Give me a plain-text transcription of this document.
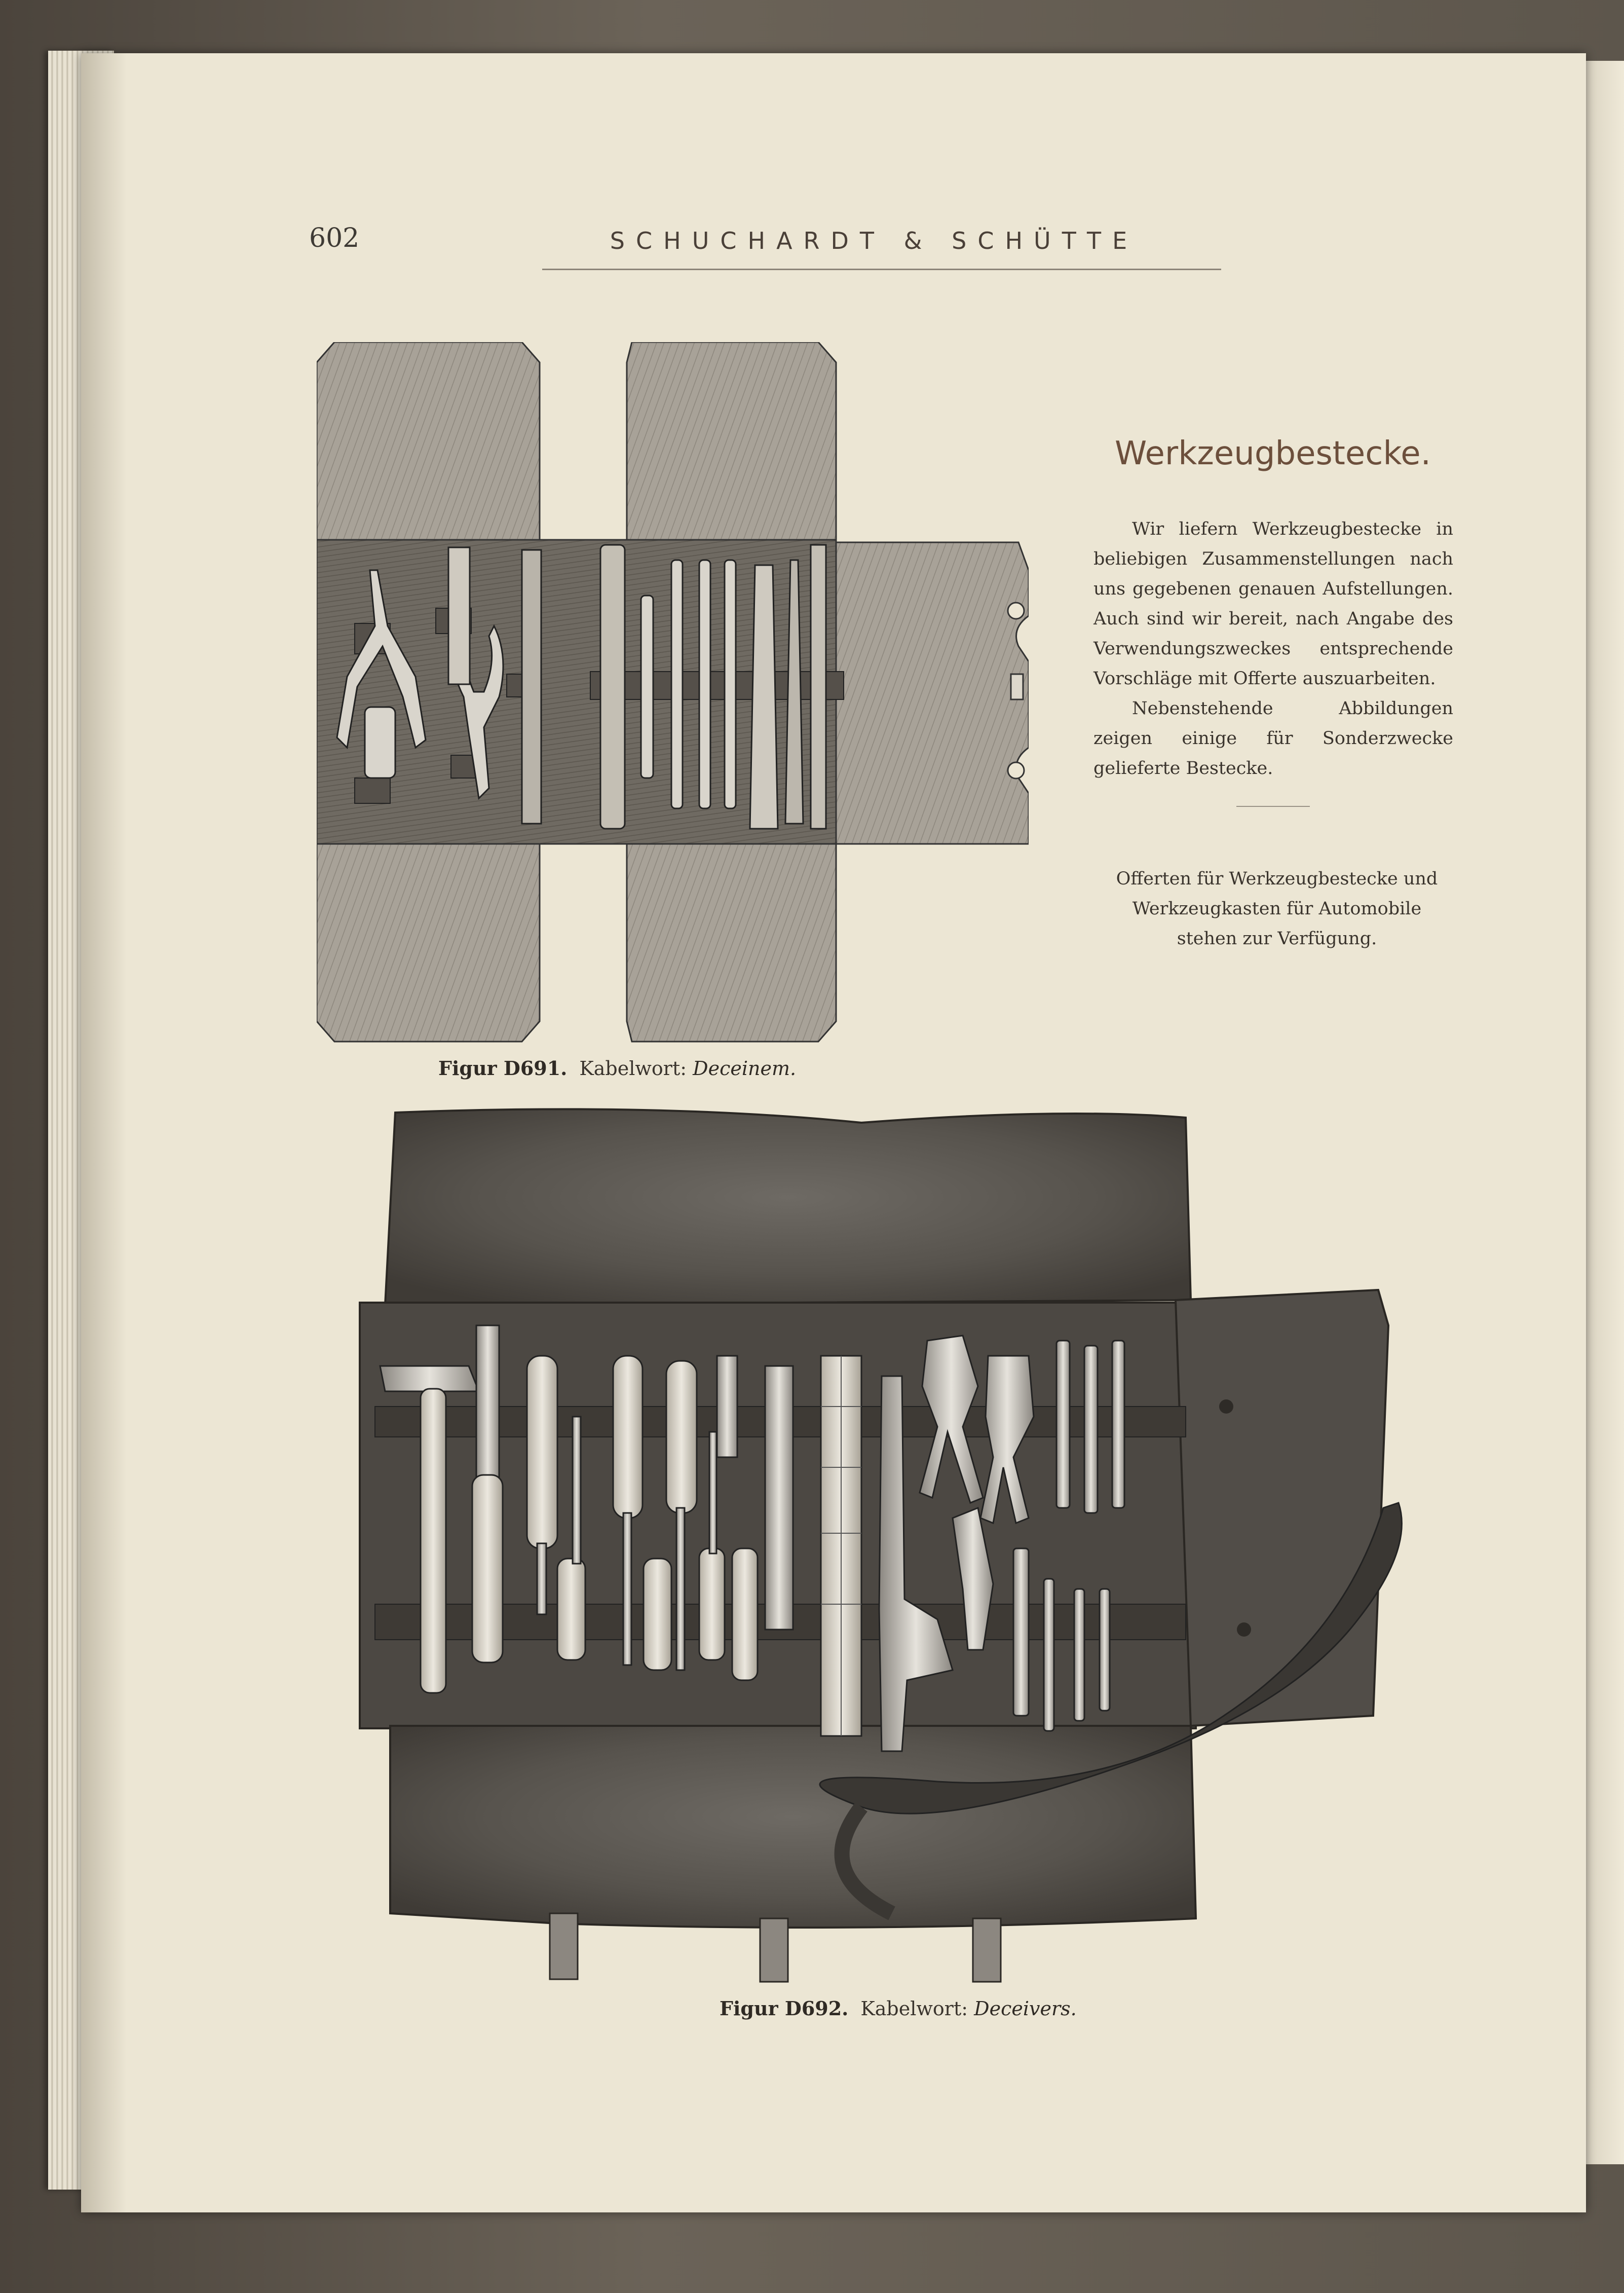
602	SCHUCHARDT & SCHÜTTE
Figur D691. Kabelwort: Deceinem.
Figur D692. Kabelwort: Deceivers.
Werkzeugbestecke.

Wir liefern Werkzeugbestecke in beliebigen Zusammenstellungen nach uns gegebenen genauen Aufstellungen. Auch sind wir bereit, nach Angabe des Verwendungszweckes entsprechende Vorschläge mit Offerte auszuarbeiten.

Nebenstehende Abbildungen zeigen einige für Sonderzwecke gelieferte Bestecke.

Offerten für Werkzeugbestecke und
Werkzeugkasten für Automobile
stehen zur Verfügung.
